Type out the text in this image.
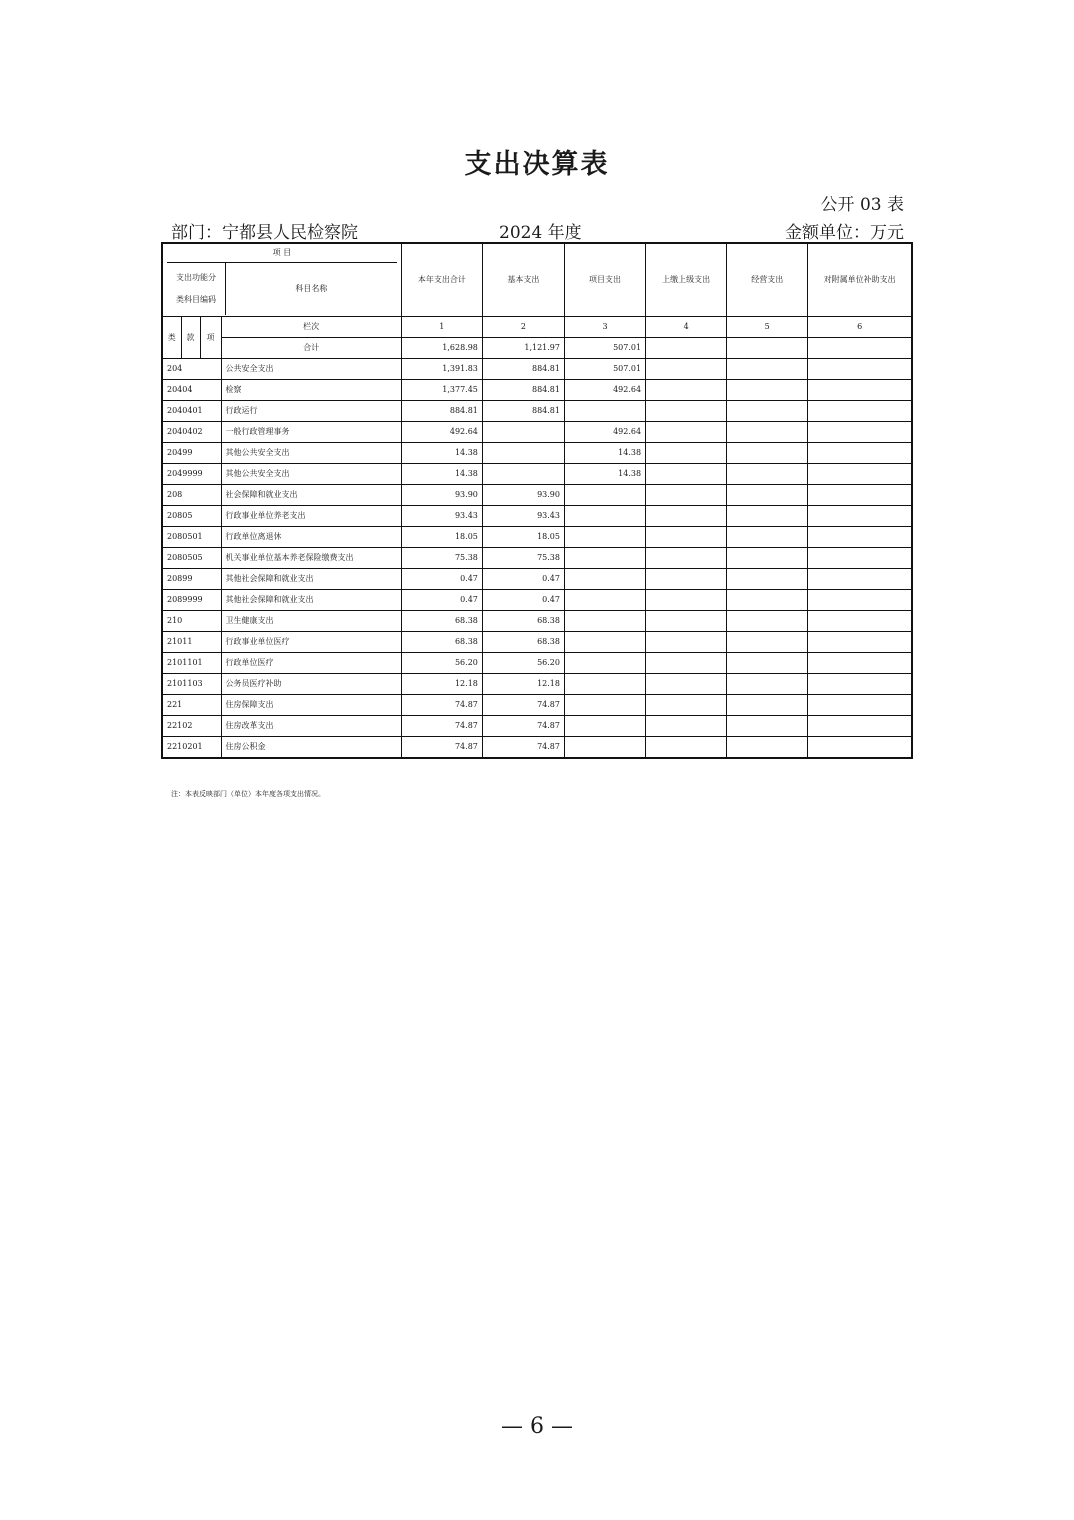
支出决算表
公开 03 表
部门：宁都县人民检察院	2024 年度	金额单位：万元
项 目
支出功能分
类科目编码
科目名称				本年支出合计	基本支出	项目支出	上缴上级支出	经营支出	对附属单位补助支出
类	款	项	栏次	1	2	3	4	5	6
			合计	1,628.98	1,121.97	507.01			
204			公共安全支出	1,391.83	884.81	507.01			
20404			检察	1,377.45	884.81	492.64			
2040401			行政运行	884.81	884.81				
2040402			一般行政管理事务	492.64		492.64			
20499			其他公共安全支出	14.38		14.38			
2049999			其他公共安全支出	14.38		14.38			
208			社会保障和就业支出	93.90	93.90				
20805			行政事业单位养老支出	93.43	93.43				
2080501			行政单位离退休	18.05	18.05				
2080505			机关事业单位基本养老保险缴费支出	75.38	75.38				
20899			其他社会保障和就业支出	0.47	0.47				
2089999			其他社会保障和就业支出	0.47	0.47				
210			卫生健康支出	68.38	68.38				
21011			行政事业单位医疗	68.38	68.38				
2101101			行政单位医疗	56.20	56.20				
2101103			公务员医疗补助	12.18	12.18				
221			住房保障支出	74.87	74.87				
22102			住房改革支出	74.87	74.87				
2210201			住房公积金	74.87	74.87				
注：本表反映部门（单位）本年度各项支出情况。
— 6 —
